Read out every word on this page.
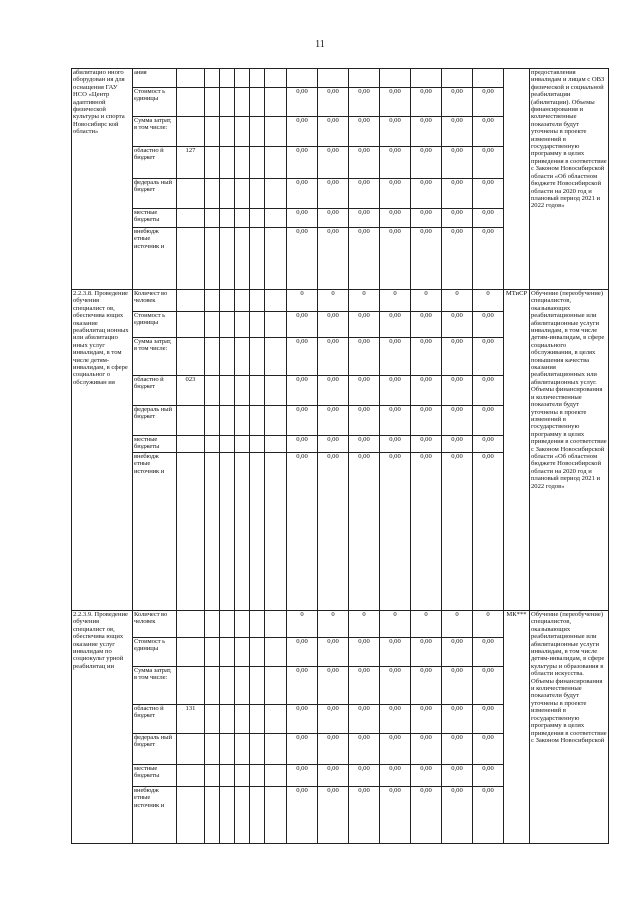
11
абилитацио нного оборудован ия для оснащения ГАУ НСО «Центр адаптивной физической культуры и спорта Новосибирс кой области»	ания															предоставления инвалидам и лицам с ОВЗ физической и социальной реабилитации (абилитации). Объемы финансирования и количественные показатели будут уточнены в проекте изменений в государственную программу в целях приведения в соответствие с Законом Новосибирской области «Об областном бюджете Новосибирской области на 2020 год и плановый период 2021 и 2022 годов»
	Стоимост ь единицы							0,00	0,00	0,00	0,00	0,00	0,00	0,00		
	Сумма затрат, в том числе:							0,00	0,00	0,00	0,00	0,00	0,00	0,00		
	областно й бюджет	127						0,00	0,00	0,00	0,00	0,00	0,00	0,00		
	федераль ный бюджет							0,00	0,00	0,00	0,00	0,00	0,00	0,00		
	местные бюджеты							0,00	0,00	0,00	0,00	0,00	0,00	0,00		
	внебюдж етные источник и							0,00	0,00	0,00	0,00	0,00	0,00	0,00		
2.2.3.8. Проведение обучения специалист ов, обеспечива ющих оказание реабилитац ионных или абилитацио нных услуг инвалидам, в том числе детям-инвалидам, в сфере социальног о обслуживан ия	Количест во человек							0	0	0	0	0	0	0	МТиСР	Обучение (переобучение) специалистов, оказывающих реабилитационные или абилитационные услуги инвалидам, в том числе детям-инвалидам, в сфере социального обслуживания, в целях повышения качества оказания реабилитационных или абилитационных услуг. Объемы финансирования и количественные показатели будут уточнены в проекте изменений в государственную программу в целях приведения в соответствие с Законом Новосибирской области «Об областном бюджете Новосибирской области на 2020 год и плановый период 2021 и 2022 годов»
	Стоимост ь единицы							0,00	0,00	0,00	0,00	0,00	0,00	0,00		
	Сумма затрат, в том числе:							0,00	0,00	0,00	0,00	0,00	0,00	0,00		
	областно й бюджет	023						0,00	0,00	0,00	0,00	0,00	0,00	0,00		
	федераль ный бюджет							0,00	0,00	0,00	0,00	0,00	0,00	0,00		
	местные бюджеты							0,00	0,00	0,00	0,00	0,00	0,00	0,00		
	внебюдж етные источник и							0,00	0,00	0,00	0,00	0,00	0,00	0,00		
2.2.3.9. Проведение обучения специалист ов, обеспечива ющих оказание услуг инвалидам по социокульт урной реабилитац ии	Количест во человек							0	0	0	0	0	0	0	МК***	Обучение (переобучение) специалистов, оказывающих реабилитационные или абилитационные услуги инвалидам, в том числе детям-инвалидам, в сфере культуры и образования в области искусства. Объемы финансирования и количественные показатели будут уточнены в проекте изменений в государственную программу в целях приведения в соответствие с Законом Новосибирской
	Стоимост ь единицы							0,00	0,00	0,00	0,00	0,00	0,00	0,00		
	Сумма затрат, в том числе:							0,00	0,00	0,00	0,00	0,00	0,00	0,00		
	областно й бюджет	131						0,00	0,00	0,00	0,00	0,00	0,00	0,00		
	федераль ный бюджет							0,00	0,00	0,00	0,00	0,00	0,00	0,00		
	местные бюджеты							0,00	0,00	0,00	0,00	0,00	0,00	0,00		
	внебюдж етные источник и							0,00	0,00	0,00	0,00	0,00	0,00	0,00		
